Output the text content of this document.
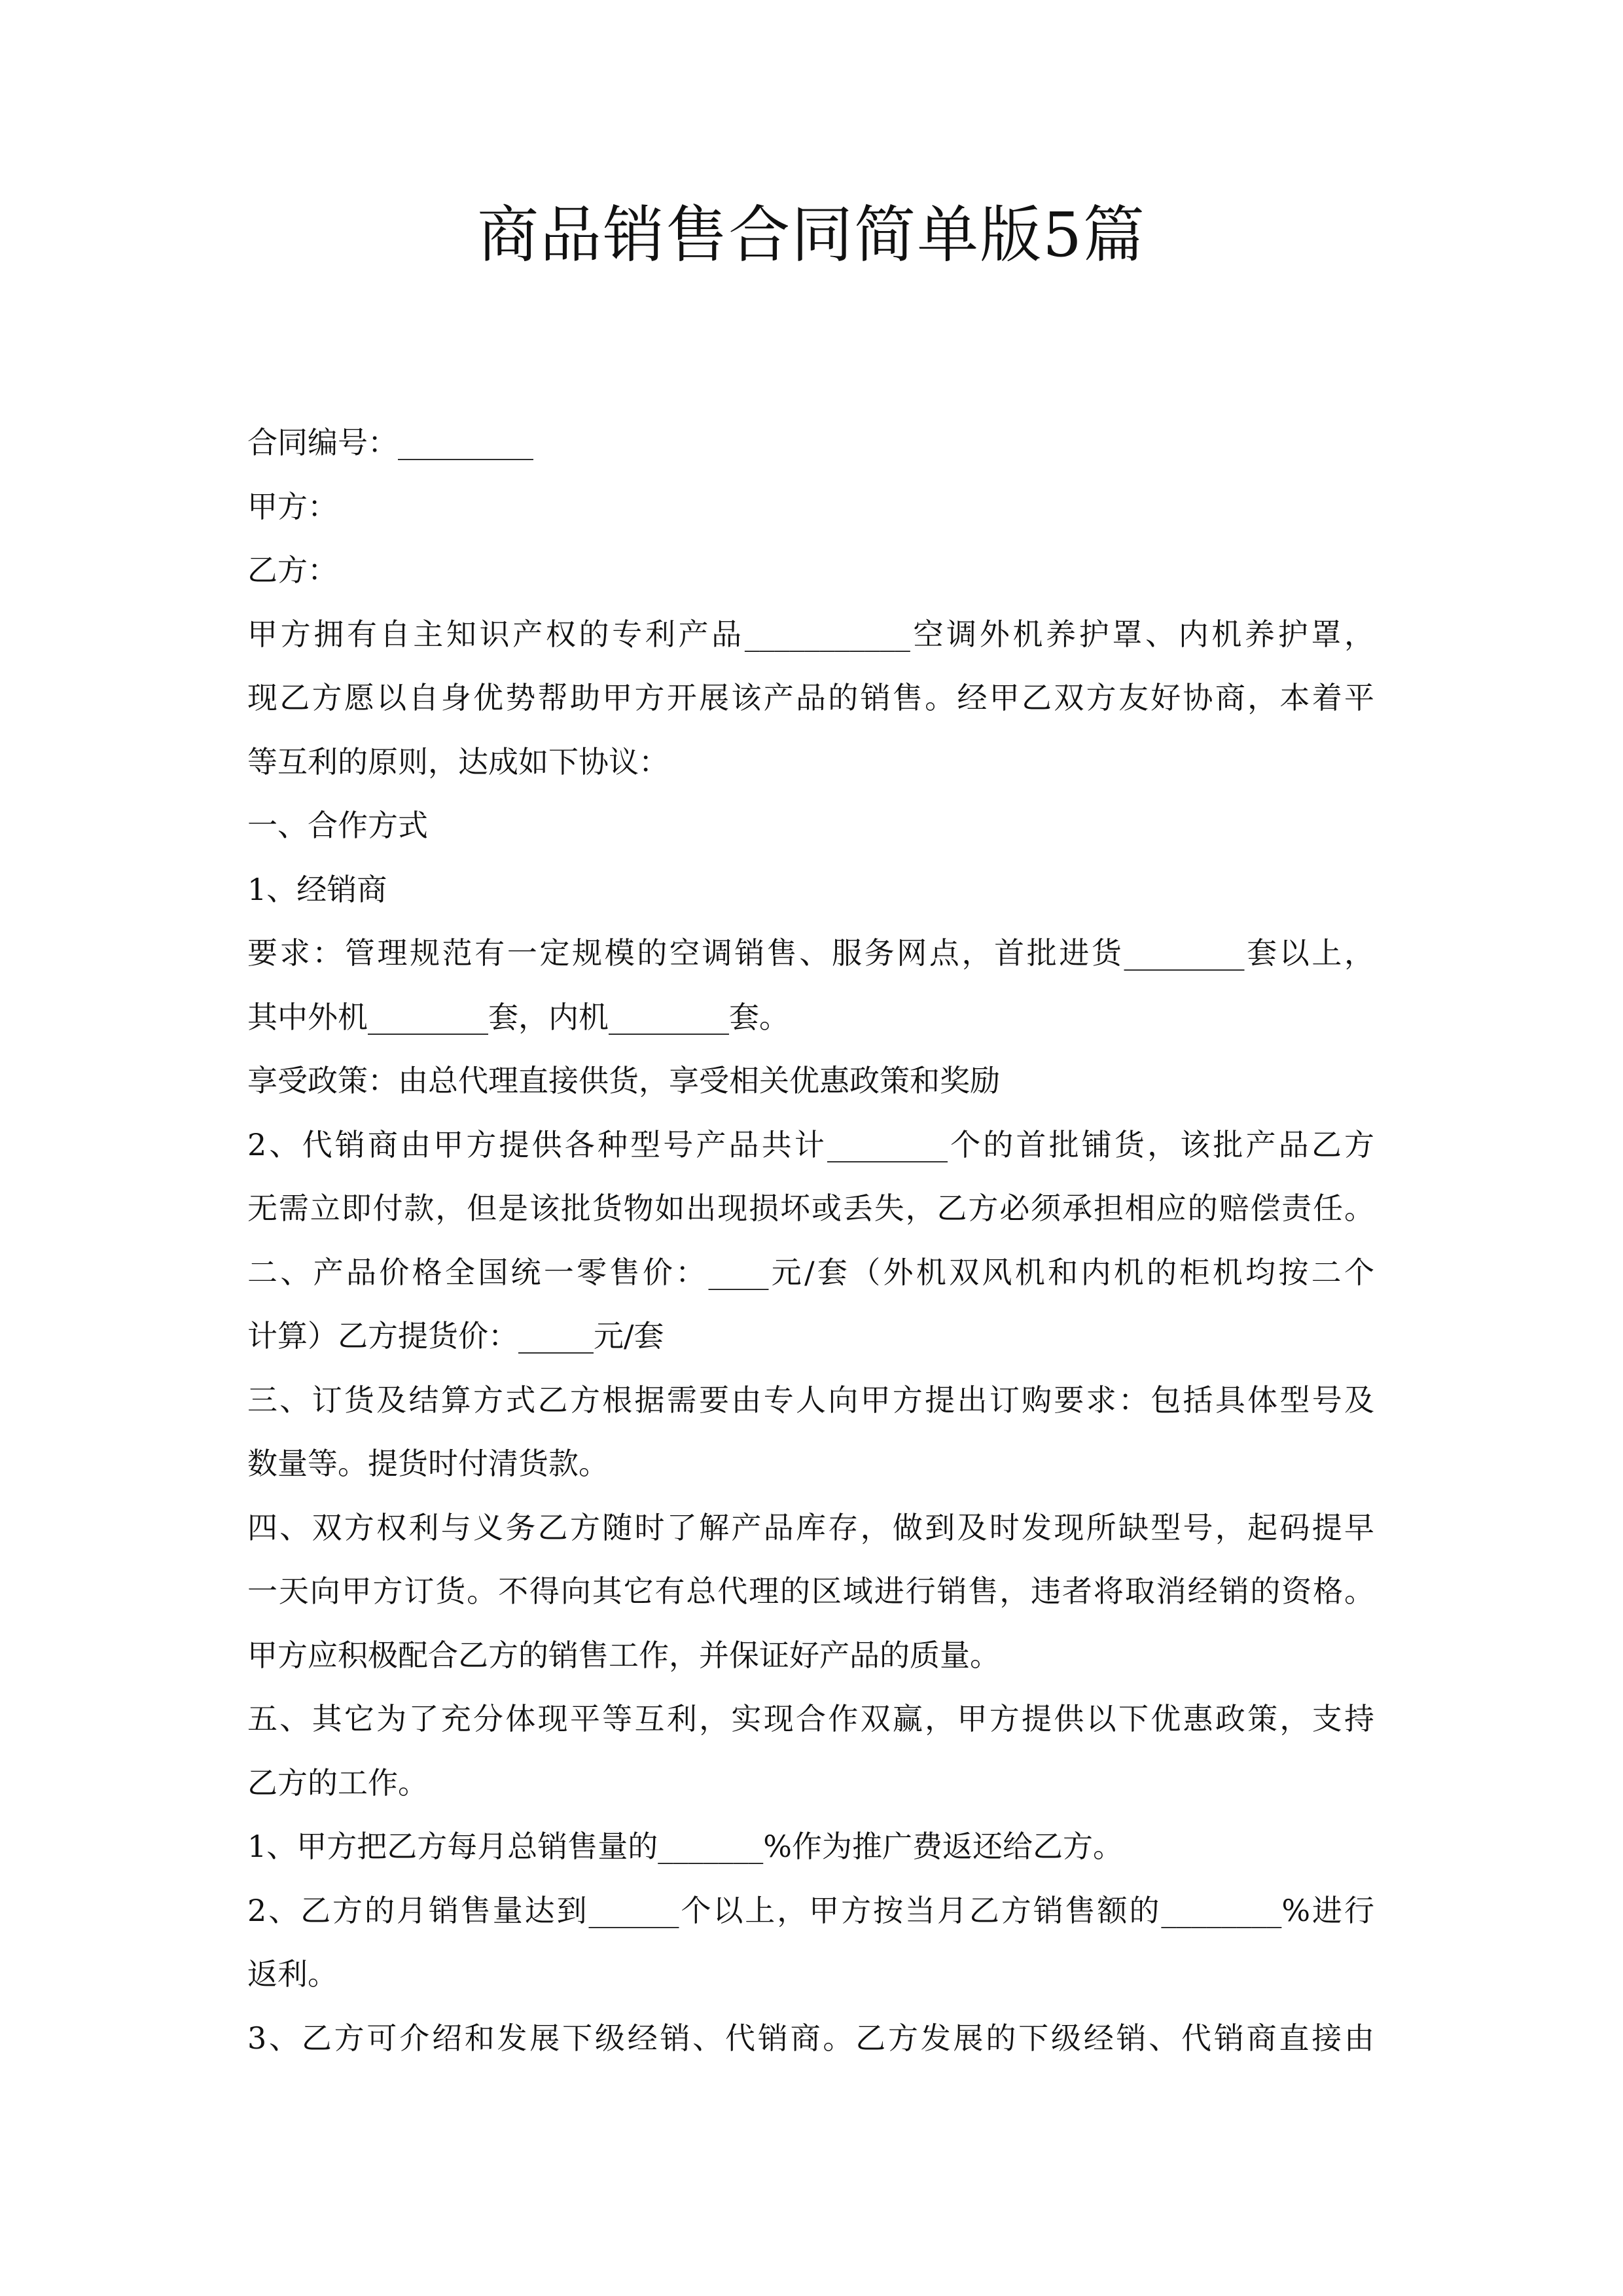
商品销售合同简单版5篇
合同编号：_________
甲方：
乙方：
甲方拥有自主知识产权的专利产品___________空调外机养护罩、内机养护罩，
现乙方愿以自身优势帮助甲方开展该产品的销售。经甲乙双方友好协商，本着平
等互利的原则，达成如下协议：
一、合作方式
1、经销商
要求：管理规范有一定规模的空调销售、服务网点，首批进货________套以上，
其中外机________套，内机________套。
享受政策：由总代理直接供货，享受相关优惠政策和奖励
2、代销商由甲方提供各种型号产品共计________个的首批铺货，该批产品乙方
无需立即付款，但是该批货物如出现损坏或丢失，乙方必须承担相应的赔偿责任。
二、产品价格全国统一零售价：____元/套（外机双风机和内机的柜机均按二个
计算）乙方提货价：_____元/套
三、订货及结算方式乙方根据需要由专人向甲方提出订购要求：包括具体型号及
数量等。提货时付清货款。
四、双方权利与义务乙方随时了解产品库存，做到及时发现所缺型号，起码提早
一天向甲方订货。不得向其它有总代理的区域进行销售，违者将取消经销的资格。
甲方应积极配合乙方的销售工作，并保证好产品的质量。
五、其它为了充分体现平等互利，实现合作双赢，甲方提供以下优惠政策，支持
乙方的工作。
1、甲方把乙方每月总销售量的_______%作为推广费返还给乙方。
2、乙方的月销售量达到______个以上，甲方按当月乙方销售额的________%进行
返利。
3、乙方可介绍和发展下级经销、代销商。乙方发展的下级经销、代销商直接由
